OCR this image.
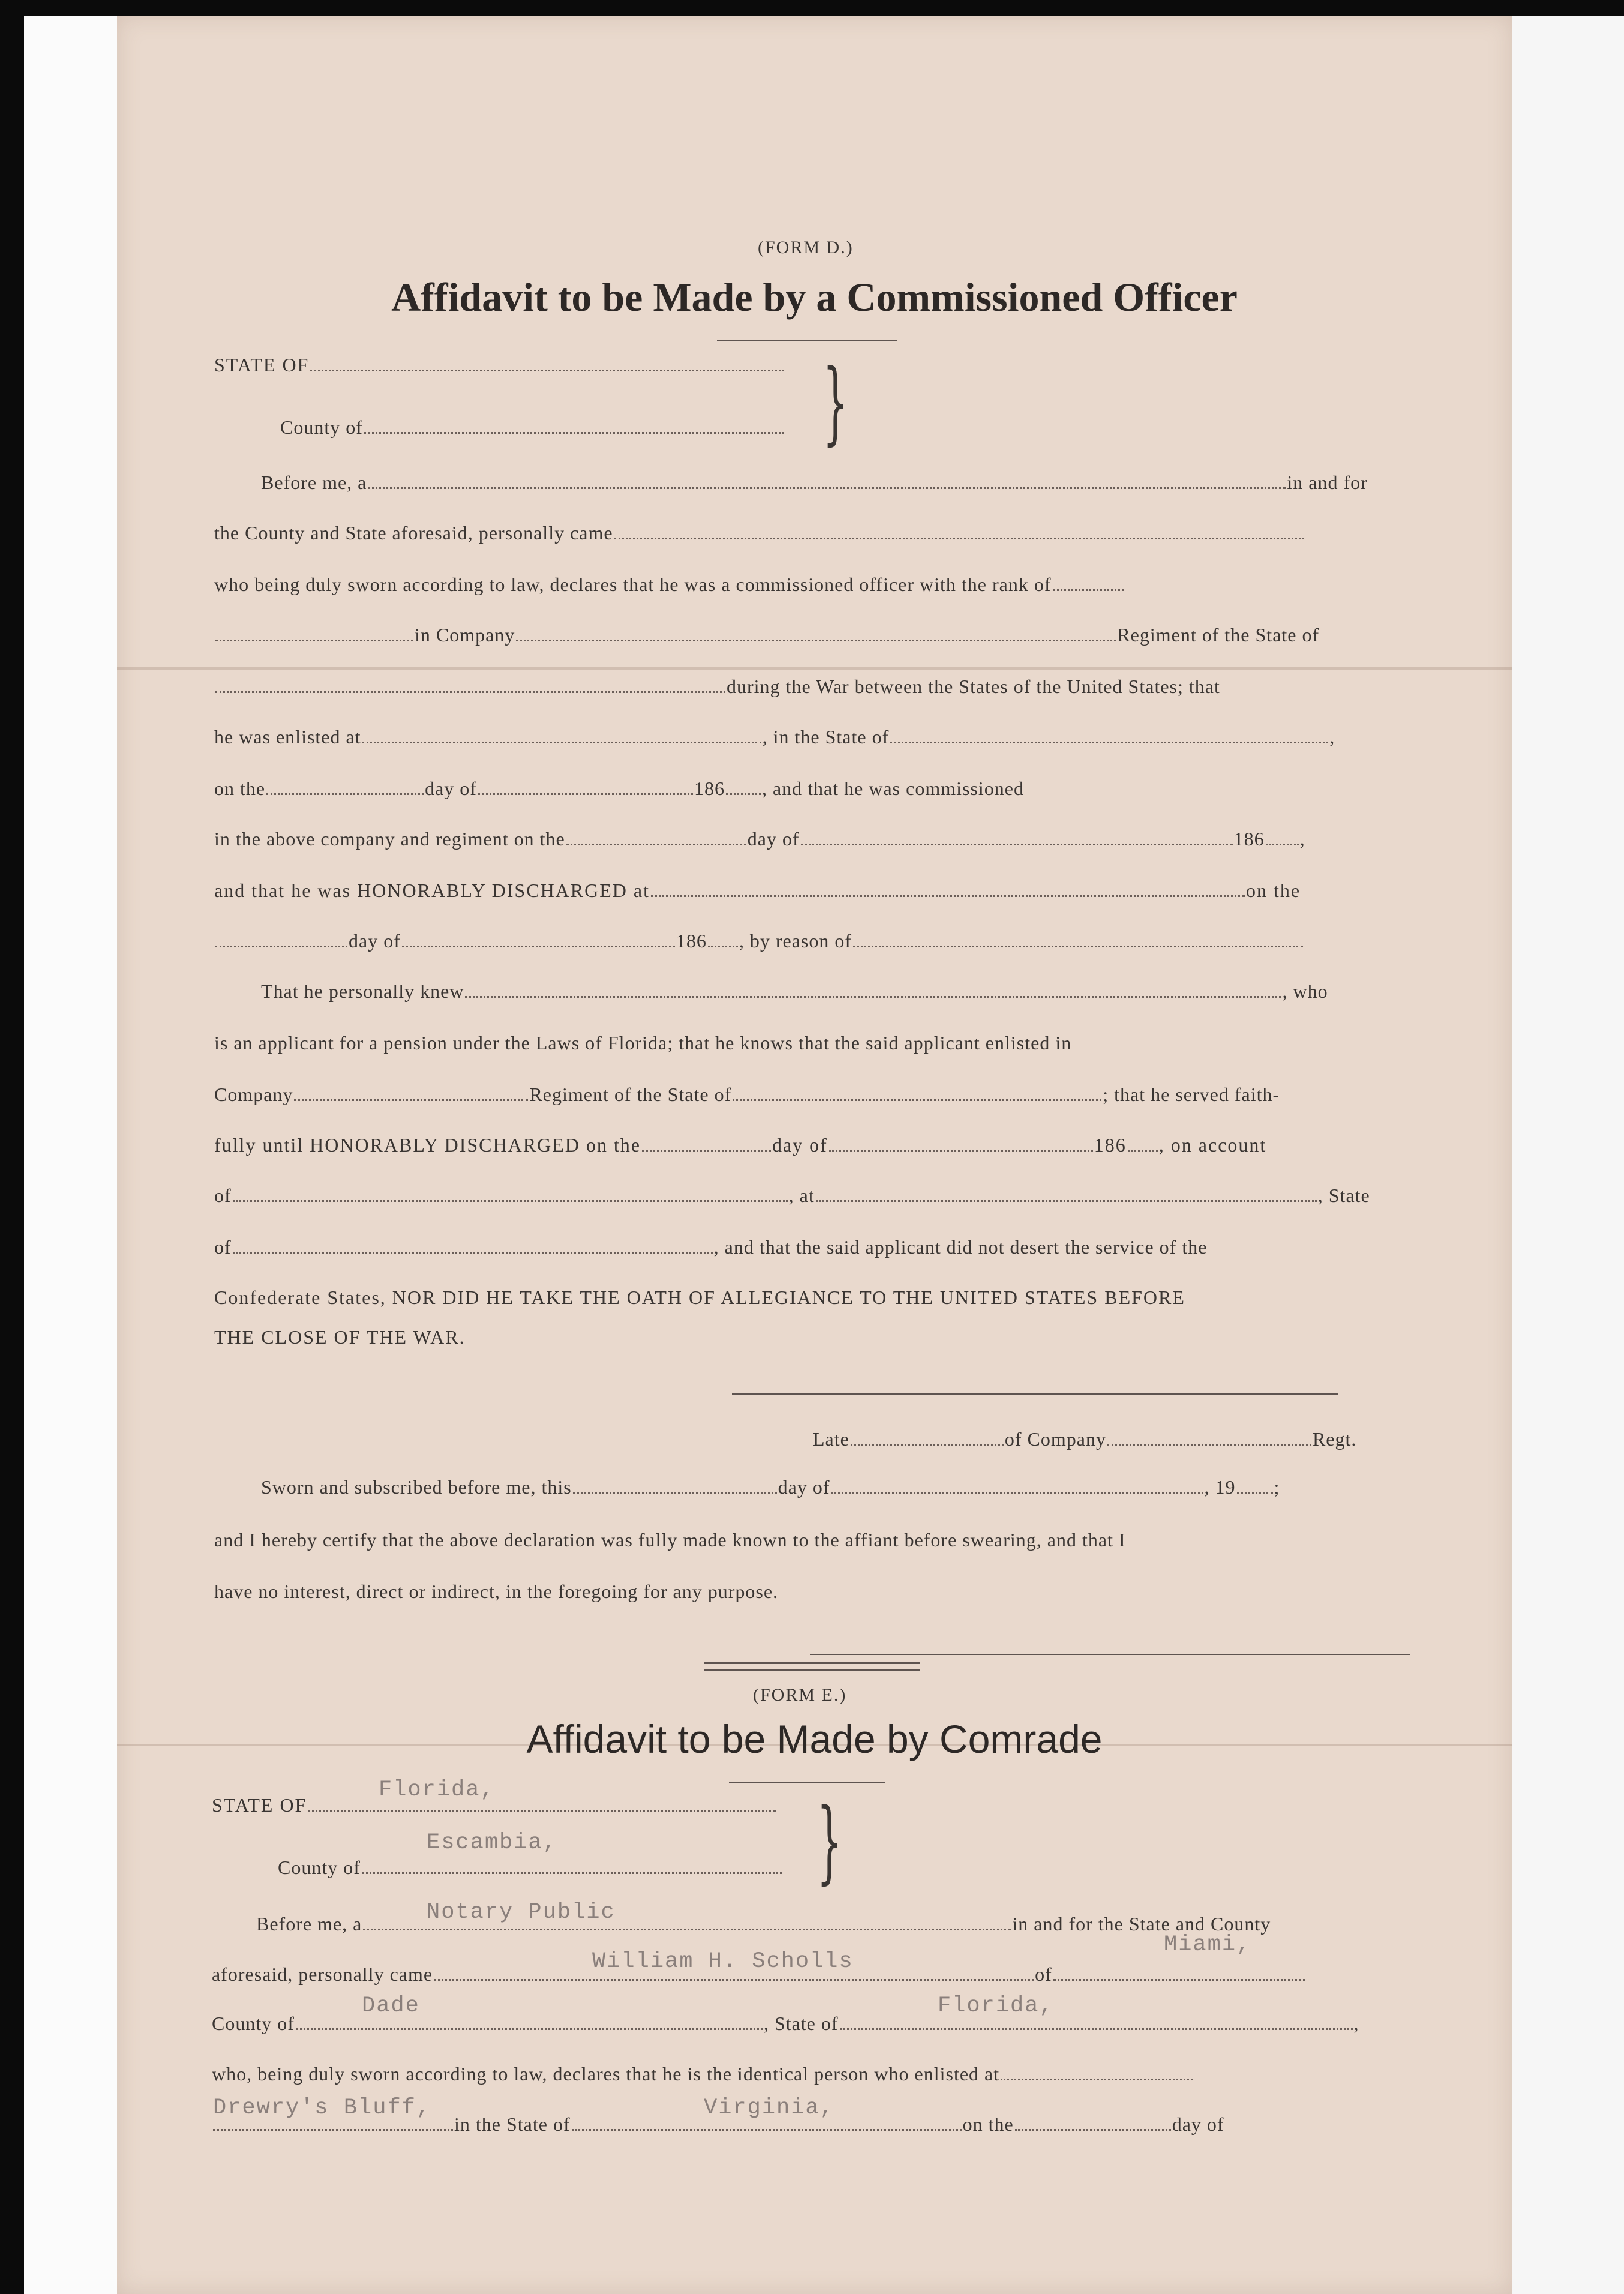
(FORM D.)
Affidavit to be Made by a Commissioned Officer
STATE OF	}
County of
Before me, a	in and for
the County and State aforesaid, personally came
who being duly sworn according to law, declares that he was a commissioned officer with the rank of
in Company	Regiment of the State of
during the War between the States of the United States; that
he was enlisted at	, in the State of	,
on the	day of	186 , and that he was commissioned
in the above company and regiment on the	day of	186 ,
and that he was HONORABLY DISCHARGED at	on the
day of	186 , by reason of
That he personally knew	, who
is an applicant for a pension under the Laws of Florida; that he knows that the said applicant enlisted in
Company	Regiment of the State of	; that he served faith-
fully until HONORABLY DISCHARGED on the	day of	186 , on account
of	, at	, State
of	, and that the said applicant did not desert the service of the
Confederate States, NOR DID HE TAKE THE OATH OF ALLEGIANCE TO THE UNITED STATES BEFORE
THE CLOSE OF THE WAR.
Late	of Company	Regt.
Sworn and subscribed before me, this	day of	, 19 ;
and I hereby certify that the above declaration was fully made known to the affiant before swearing, and that I
have no interest, direct or indirect, in the foregoing for any purpose.
(FORM E.)
Affidavit to be Made by Comrade
STATE OF
Florida,	}
County of
Escambia,
Before me, a	in and for the State and County
Notary Public
aforesaid, personally came	of
William H. Scholls
Miami,
County of	, State of	,
Dade	Florida,
who, being duly sworn according to law, declares that he is the identical person who enlisted at
in the State of	on the	day of
Drewry's Bluff,	Virginia,
